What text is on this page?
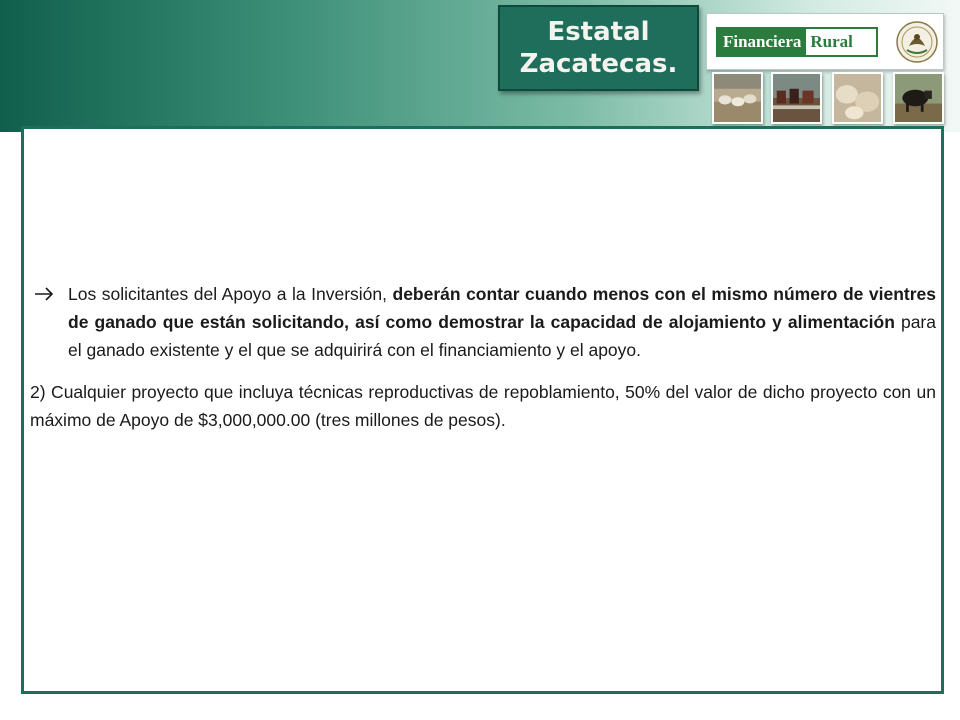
Estatal
Zacatecas.
Financiera Rural

Los solicitantes del Apoyo a la Inversión, deberán contar cuando menos con el mismo número de vientres de ganado que están solicitando, así como demostrar la capacidad de alojamiento y alimentación para el ganado existente y el que se adquirirá con el financiamiento y el apoyo.

2) Cualquier proyecto que incluya técnicas reproductivas de repoblamiento, 50% del valor de dicho proyecto con un máximo de Apoyo de $3,000,000.00 (tres millones de pesos).
